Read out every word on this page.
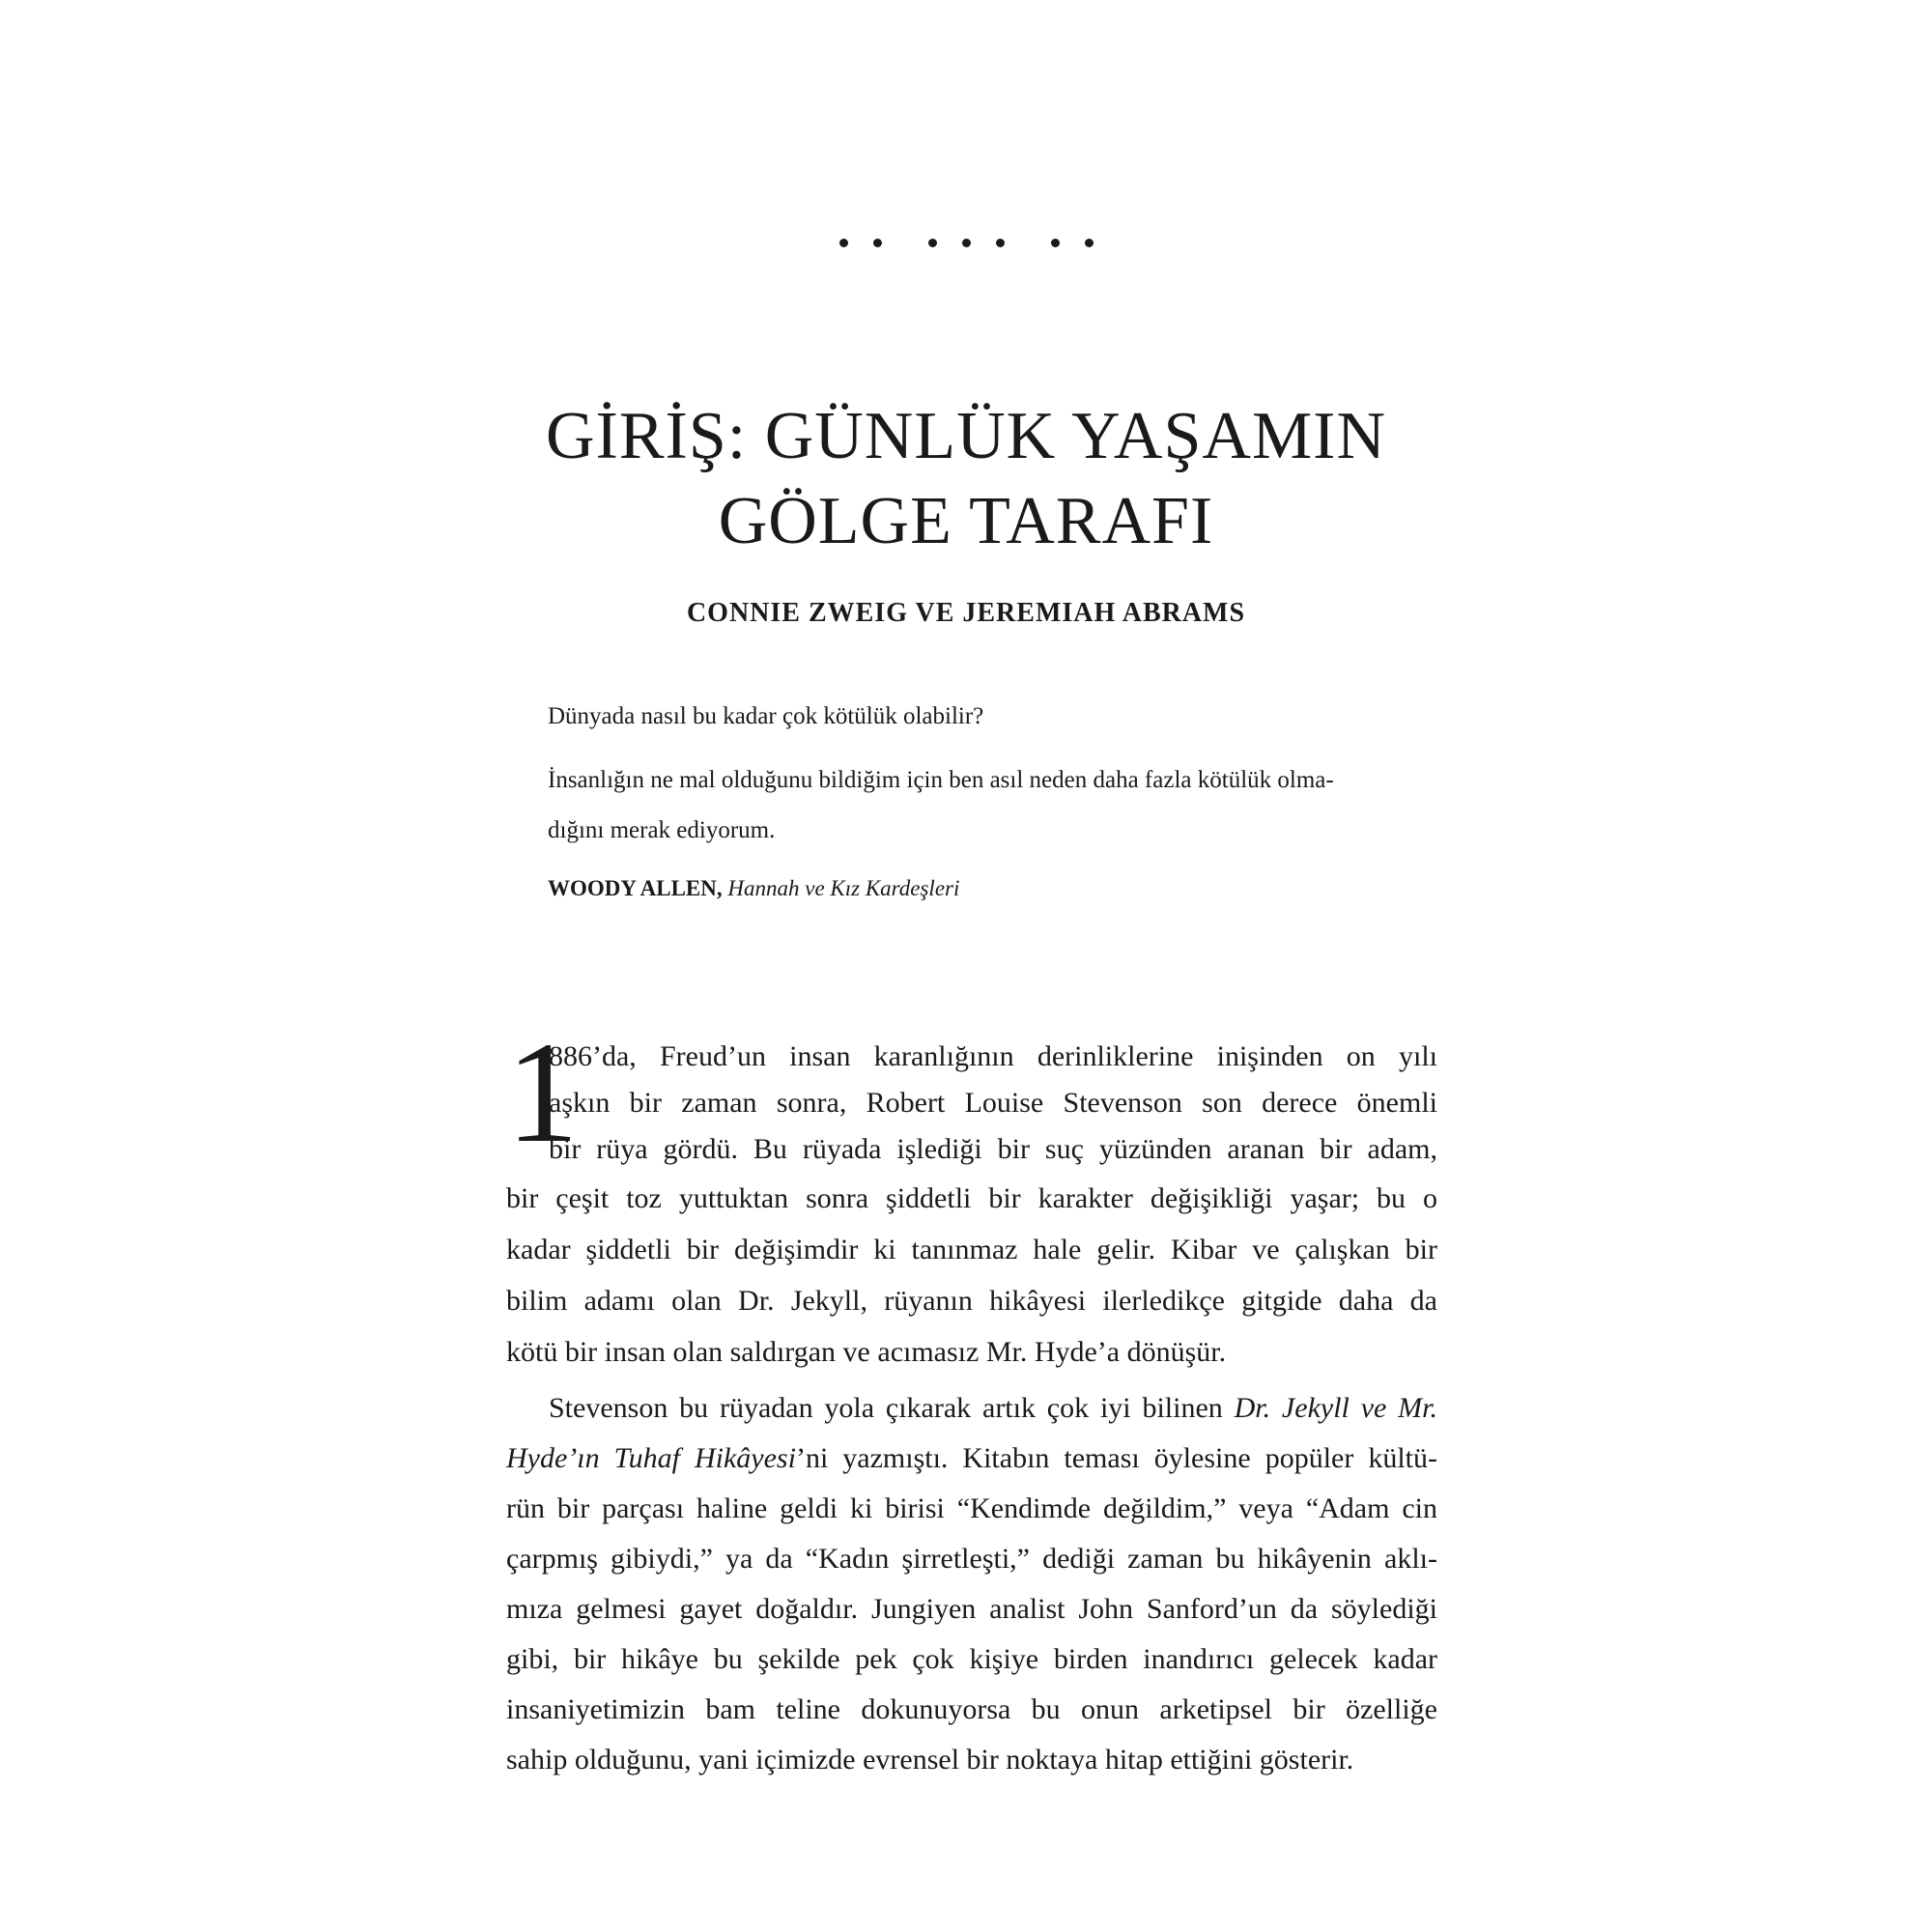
GİRİŞ: GÜNLÜK YAŞAMIN
GÖLGE TARAFI
CONNIE ZWEIG VE JEREMIAH ABRAMS

Dünyada nasıl bu kadar çok kötülük olabilir?

İnsanlığın ne mal olduğunu bildiğim için ben asıl neden daha fazla kötülük olma-
dığını merak ediyorum.

WOODY ALLEN, Hannah ve Kız Kardeşleri

1
886’da, Freud’un insan karanlığının derinliklerine inişinden on yılı
aşkın bir zaman sonra, Robert Louise Stevenson son derece önemli
bir rüya gördü. Bu rüyada işlediği bir suç yüzünden aranan bir adam,
bir çeşit toz yuttuktan sonra şiddetli bir karakter değişikliği yaşar; bu o
kadar şiddetli bir değişimdir ki tanınmaz hale gelir. Kibar ve çalışkan bir
bilim adamı olan Dr. Jekyll, rüyanın hikâyesi ilerledikçe gitgide daha da
kötü bir insan olan saldırgan ve acımasız Mr. Hyde’a dönüşür.
Stevenson bu rüyadan yola çıkarak artık çok iyi bilinen Dr. Jekyll ve Mr.
Hyde’ın Tuhaf Hikâyesi’ni yazmıştı. Kitabın teması öylesine popüler kültü-
rün bir parçası haline geldi ki birisi “Kendimde değildim,” veya “Adam cin
çarpmış gibiydi,” ya da “Kadın şirretleşti,” dediği zaman bu hikâyenin aklı-
mıza gelmesi gayet doğaldır. Jungiyen analist John Sanford’un da söylediği
gibi, bir hikâye bu şekilde pek çok kişiye birden inandırıcı gelecek kadar
insaniyetimizin bam teline dokunuyorsa bu onun arketipsel bir özelliğe
sahip olduğunu, yani içimizde evrensel bir noktaya hitap ettiğini gösterir.
